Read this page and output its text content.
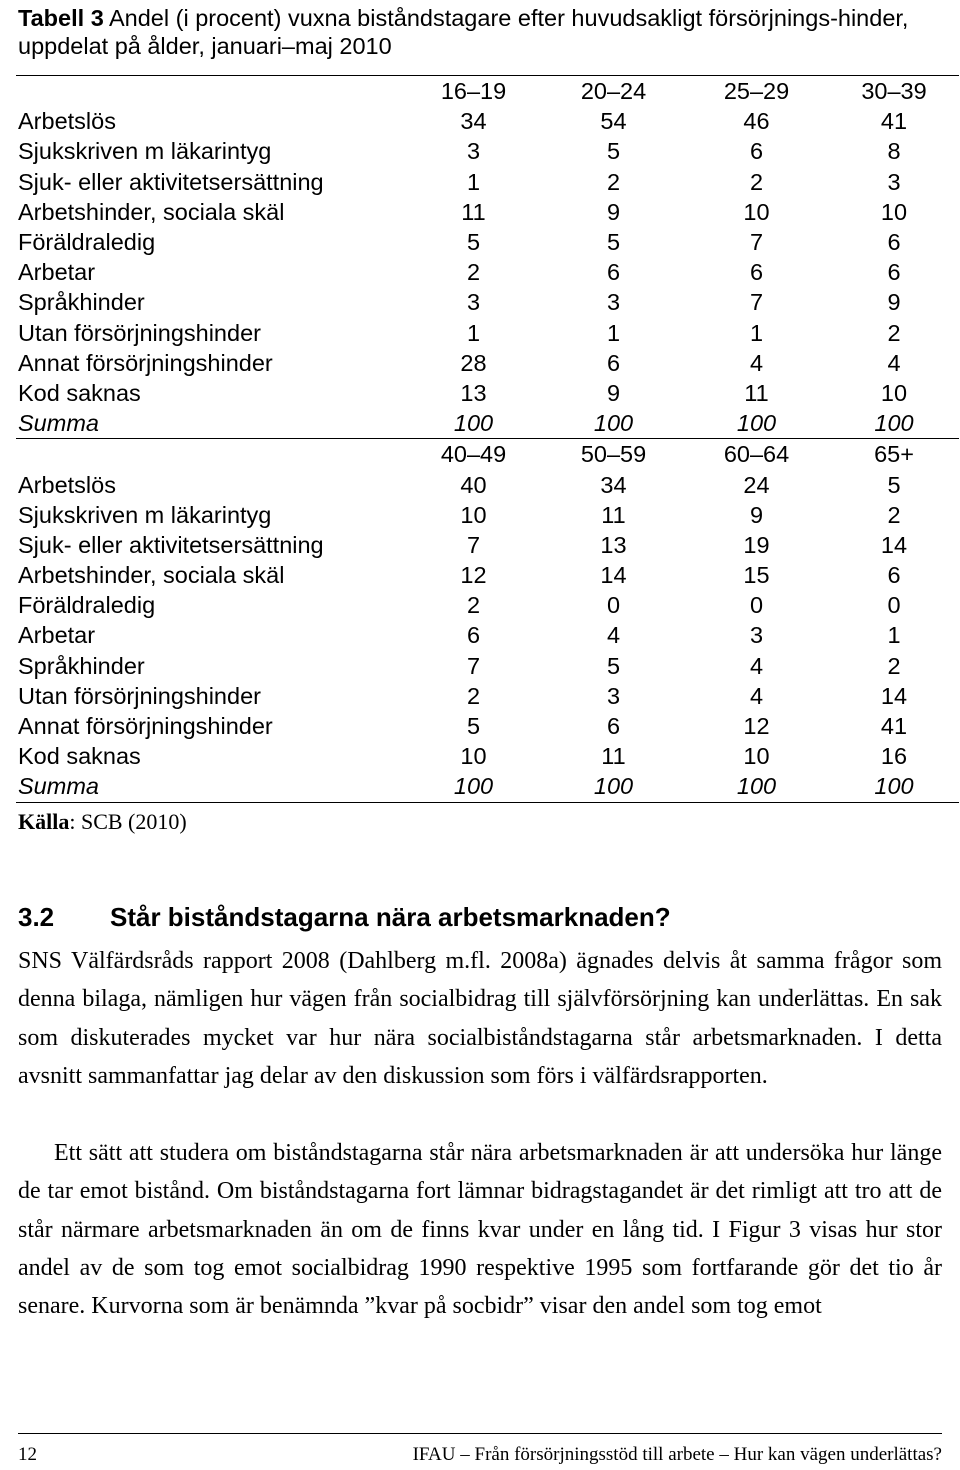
Tabell 3 Andel (i procent) vuxna biståndstagare efter huvudsakligt försörjnings-hinder, uppdelat på ålder, januari–maj 2010
	16–19	20–24	25–29	30–39
Arbetslös	34	54	46	41
Sjukskriven m läkarintyg	3	5	6	8
Sjuk- eller aktivitetsersättning	1	2	2	3
Arbetshinder, sociala skäl	11	9	10	10
Föräldraledig	5	5	7	6
Arbetar	2	6	6	6
Språkhinder	3	3	7	9
Utan försörjningshinder	1	1	1	2
Annat försörjningshinder	28	6	4	4
Kod saknas	13	9	11	10
Summa	100	100	100	100
	40–49	50–59	60–64	65+
Arbetslös	40	34	24	5
Sjukskriven m läkarintyg	10	11	9	2
Sjuk- eller aktivitetsersättning	7	13	19	14
Arbetshinder, sociala skäl	12	14	15	6
Föräldraledig	2	0	0	0
Arbetar	6	4	3	1
Språkhinder	7	5	4	2
Utan försörjningshinder	2	3	4	14
Annat försörjningshinder	5	6	12	41
Kod saknas	10	11	10	16
Summa	100	100	100	100
Källa: SCB (2010)
3.2 Står biståndstagarna nära arbetsmarknaden?

SNS Välfärdsråds rapport 2008 (Dahlberg m.fl. 2008a) ägnades delvis åt samma frågor som denna bilaga, nämligen hur vägen från socialbidrag till självförsörjning kan underlättas. En sak som diskuterades mycket var hur nära socialbiståndstagarna står arbetsmarknaden. I detta avsnitt sammanfattar jag delar av den diskussion som förs i välfärdsrapporten.

Ett sätt att studera om biståndstagarna står nära arbetsmarknaden är att undersöka hur länge de tar emot bistånd. Om biståndstagarna fort lämnar bidragstagandet är det rimligt att tro att de står närmare arbetsmarknaden än om de finns kvar under en lång tid. I Figur 3 visas hur stor andel av de som tog emot socialbidrag 1990 respektive 1995 som fortfarande gör det tio år senare. Kurvorna som är benämnda ”kvar på socbidr” visar den andel som tog emot

12	IFAU – Från försörjningsstöd till arbete – Hur kan vägen underlättas?
